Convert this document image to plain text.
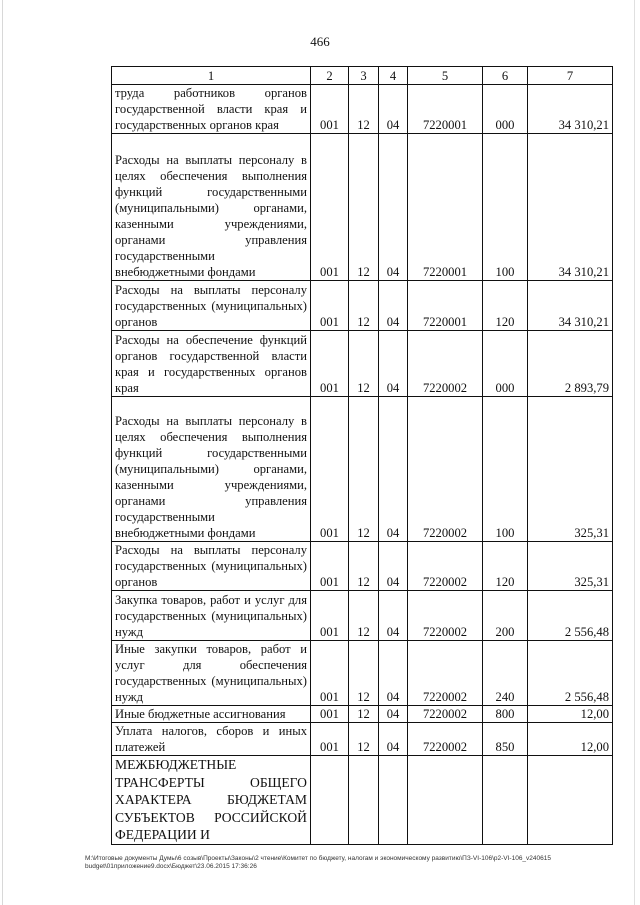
466
1	2	3	4	5	6	7
труда работников органов государственной власти края и государственных органов края	001	12	04	7220001	000	34 310,21
Расходы на выплаты персоналу в целях обеспечения выполнения функций государственными (муниципальными) органами, казенными учреждениями, органами управления государственными внебюджетными фондами	001	12	04	7220001	100	34 310,21
Расходы на выплаты персоналу государственных (муниципальных) органов	001	12	04	7220001	120	34 310,21
Расходы на обеспечение функций органов государственной власти края и государственных органов края	001	12	04	7220002	000	2 893,79
Расходы на выплаты персоналу в целях обеспечения выполнения функций государственными (муниципальными) органами, казенными учреждениями, органами управления государственными внебюджетными фондами	001	12	04	7220002	100	325,31
Расходы на выплаты персоналу государственных (муниципальных) органов	001	12	04	7220002	120	325,31
Закупка товаров, работ и услуг для государственных (муниципальных) нужд	001	12	04	7220002	200	2 556,48
Иные закупки товаров, работ и услуг для обеспечения государственных (муниципальных) нужд	001	12	04	7220002	240	2 556,48
Иные бюджетные ассигнования	001	12	04	7220002	800	12,00
Уплата налогов, сборов и иных платежей	001	12	04	7220002	850	12,00
МЕЖБЮДЖЕТНЫЕ ТРАНСФЕРТЫ ОБЩЕГО ХАРАКТЕРА БЮДЖЕТАМ СУБЪЕКТОВ РОССИЙСКОЙ ФЕДЕРАЦИИ И						
M:\Итоговые документы Думы\6 созыв\Проекты\Законы\2 чтение\Комитет по бюджету, налогам и экономическому развитию\ПЗ-VI-106\p2-VI-106_v240615 budget\01приложение9.docx\Бюджет\23.06.2015 17:36:26
